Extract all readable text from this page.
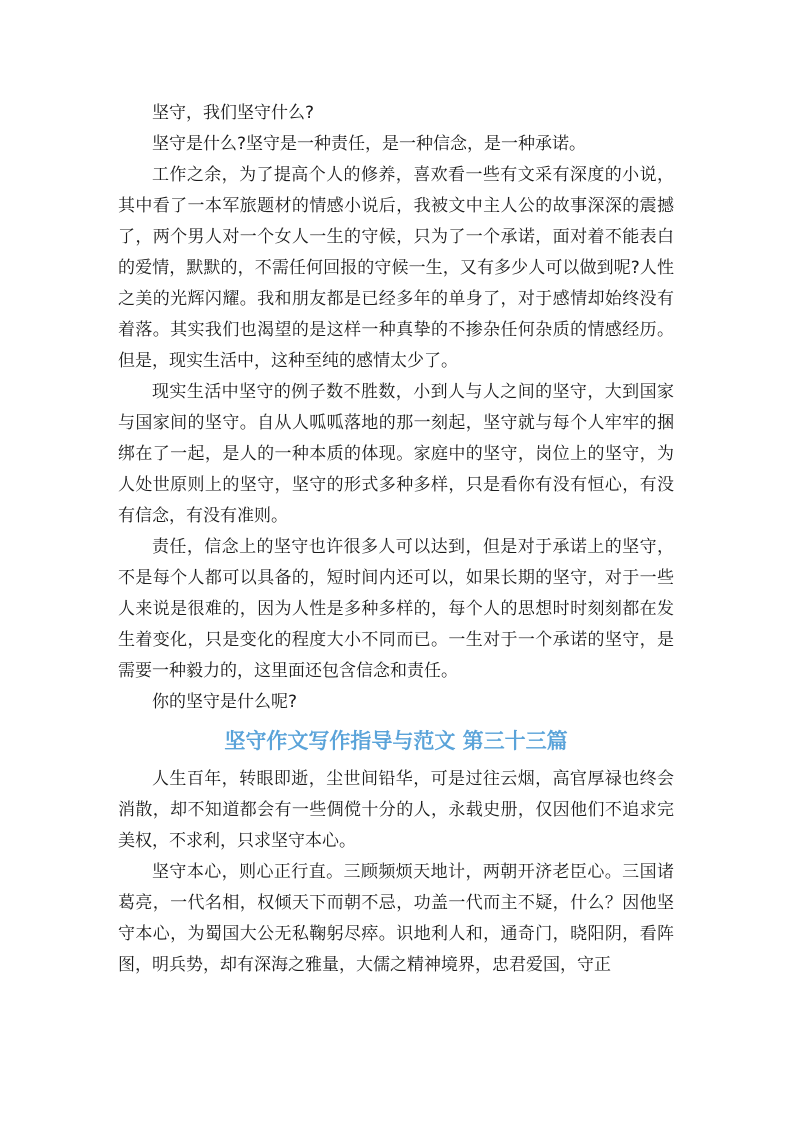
坚守，我们坚守什么?

坚守是什么?坚守是一种责任，是一种信念，是一种承诺。

工作之余，为了提高个人的修养，喜欢看一些有文采有深度的小说，其中看了一本军旅题材的情感小说后，我被文中主人公的故事深深的震撼了，两个男人对一个女人一生的守候，只为了一个承诺，面对着不能表白的爱情，默默的，不需任何回报的守候一生，又有多少人可以做到呢?人性之美的光辉闪耀。我和朋友都是已经多年的单身了，对于感情却始终没有着落。其实我们也渴望的是这样一种真挚的不掺杂任何杂质的情感经历。但是，现实生活中，这种至纯的感情太少了。

现实生活中坚守的例子数不胜数，小到人与人之间的坚守，大到国家与国家间的坚守。自从人呱呱落地的那一刻起，坚守就与每个人牢牢的捆绑在了一起，是人的一种本质的体现。家庭中的坚守，岗位上的坚守，为人处世原则上的坚守，坚守的形式多种多样，只是看你有没有恒心，有没有信念，有没有准则。

责任，信念上的坚守也许很多人可以达到，但是对于承诺上的坚守，不是每个人都可以具备的，短时间内还可以，如果长期的坚守，对于一些人来说是很难的，因为人性是多种多样的，每个人的思想时时刻刻都在发生着变化，只是变化的程度大小不同而已。一生对于一个承诺的坚守，是需要一种毅力的，这里面还包含信念和责任。

你的坚守是什么呢?

坚守作文写作指导与范文 第三十三篇

人生百年，转眼即逝，尘世间铅华，可是过往云烟，高官厚禄也终会消散，却不知道都会有一些倜傥十分的人，永载史册，仅因他们不追求完美权，不求利，只求坚守本心。

坚守本心，则心正行直。三顾频烦天地计，两朝开济老臣心。三国诸葛亮，一代名相，权倾天下而朝不忌，功盖一代而主不疑，什么？因他坚守本心，为蜀国大公无私鞠躬尽瘁。识地利人和，通奇门，晓阳阴，看阵图，明兵势，却有深海之雅量，大儒之精神境界，忠君爱国，守正
